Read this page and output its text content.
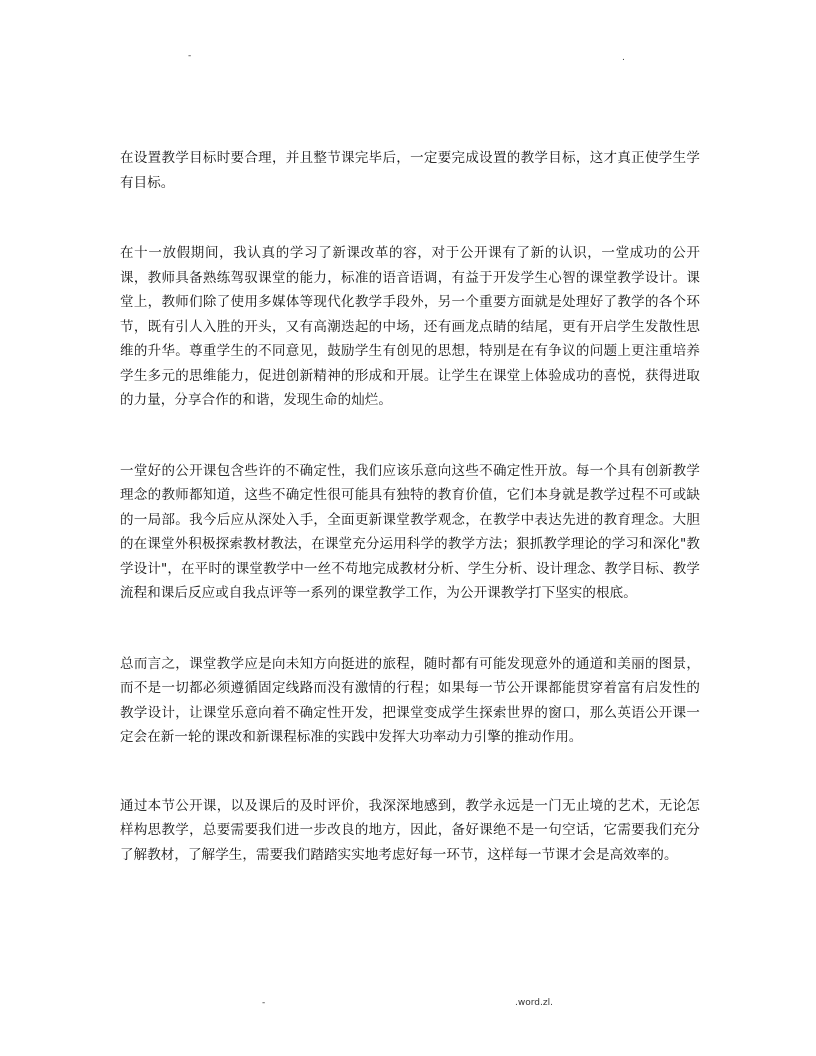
-	.

在设置教学目标时要合理，并且整节课完毕后，一定要完成设置的教学目标，这才真正使学生学有目标。

在十一放假期间，我认真的学习了新课改革的容，对于公开课有了新的认识，一堂成功的公开课，教师具备熟练驾驭课堂的能力，标准的语音语调，有益于开发学生心智的课堂教学设计。课堂上，教师们除了使用多媒体等现代化教学手段外，另一个重要方面就是处理好了教学的各个环节，既有引人入胜的开头，又有高潮迭起的中场，还有画龙点睛的结尾，更有开启学生发散性思维的升华。尊重学生的不同意见，鼓励学生有创见的思想，特别是在有争议的问题上更注重培养学生多元的思维能力，促进创新精神的形成和开展。让学生在课堂上体验成功的喜悦，获得进取的力量，分享合作的和谐，发现生命的灿烂。

一堂好的公开课包含些许的不确定性，我们应该乐意向这些不确定性开放。每一个具有创新教学理念的教师都知道，这些不确定性很可能具有独特的教育价值，它们本身就是教学过程不可或缺的一局部。我今后应从深处入手，全面更新课堂教学观念，在教学中表达先进的教育理念。大胆的在课堂外积极探索教材教法，在课堂充分运用科学的教学方法；狠抓教学理论的学习和深化"教学设计"，在平时的课堂教学中一丝不苟地完成教材分析、学生分析、设计理念、教学目标、教学流程和课后反应或自我点评等一系列的课堂教学工作，为公开课教学打下坚实的根底。

总而言之，课堂教学应是向未知方向挺进的旅程，随时都有可能发现意外的通道和美丽的图景，而不是一切都必须遵循固定线路而没有激情的行程；如果每一节公开课都能贯穿着富有启发性的教学设计，让课堂乐意向着不确定性开发，把课堂变成学生探索世界的窗口，那么英语公开课一定会在新一轮的课改和新课程标准的实践中发挥大功率动力引擎的推动作用。

通过本节公开课，以及课后的及时评价，我深深地感到，教学永远是一门无止境的艺术，无论怎样构思教学，总要需要我们进一步改良的地方，因此，备好课绝不是一句空话，它需要我们充分了解教材，了解学生，需要我们踏踏实实地考虑好每一环节，这样每一节课才会是高效率的。

-	.word.zl.
